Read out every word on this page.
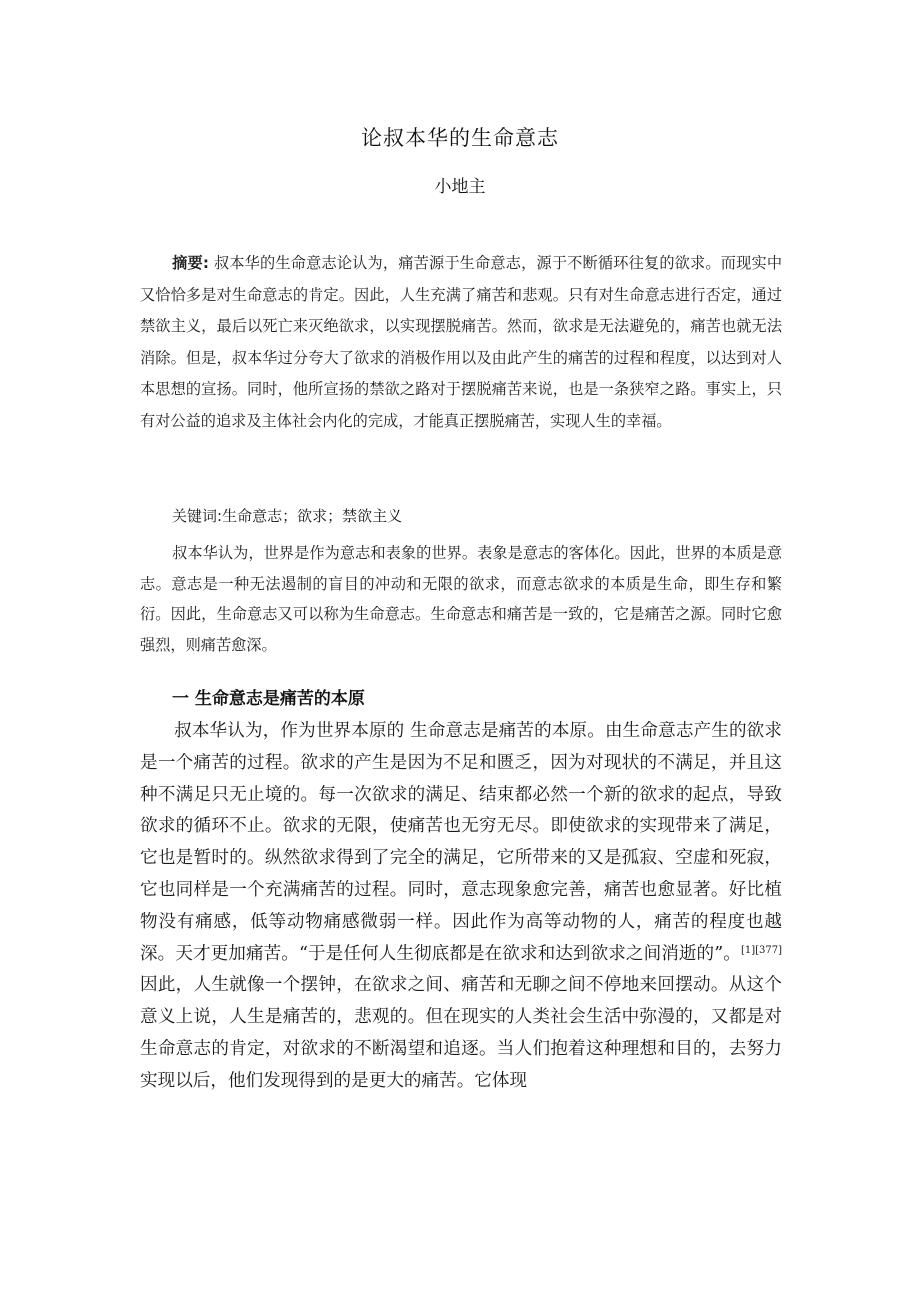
论叔本华的生命意志
小地主
摘要: 叔本华的生命意志论认为，痛苦源于生命意志，源于不断循环往复的欲求。而现实中又恰恰多是对生命意志的肯定。因此，人生充满了痛苦和悲观。只有对生命意志进行否定，通过禁欲主义，最后以死亡来灭绝欲求，以实现摆脱痛苦。然而，欲求是无法避免的，痛苦也就无法消除。但是，叔本华过分夸大了欲求的消极作用以及由此产生的痛苦的过程和程度，以达到对人本思想的宣扬。同时，他所宣扬的禁欲之路对于摆脱痛苦来说，也是一条狭窄之路。事实上，只有对公益的追求及主体社会内化的完成，才能真正摆脱痛苦，实现人生的幸福。
关键词:生命意志；欲求；禁欲主义
叔本华认为，世界是作为意志和表象的世界。表象是意志的客体化。因此，世界的本质是意志。意志是一种无法遏制的盲目的冲动和无限的欲求，而意志欲求的本质是生命，即生存和繁衍。因此，生命意志又可以称为生命意志。生命意志和痛苦是一致的，它是痛苦之源。同时它愈强烈，则痛苦愈深。
一 生命意志是痛苦的本原
叔本华认为，作为世界本原的 生命意志是痛苦的本原。由生命意志产生的欲求是一个痛苦的过程。欲求的产生是因为不足和匮乏，因为对现状的不满足，并且这种不满足只无止境的。每一次欲求的满足、结束都必然一个新的欲求的起点，导致欲求的循环不止。欲求的无限，使痛苦也无穷无尽。即使欲求的实现带来了满足，它也是暂时的。纵然欲求得到了完全的满足，它所带来的又是孤寂、空虚和死寂，它也同样是一个充满痛苦的过程。同时，意志现象愈完善，痛苦也愈显著。好比植物没有痛感，低等动物痛感微弱一样。因此作为高等动物的人，痛苦的程度也越深。天才更加痛苦。“于是任何人生彻底都是在欲求和达到欲求之间消逝的”。[1][377]因此，人生就像一个摆钟，在欲求之间、痛苦和无聊之间不停地来回摆动。从这个意义上说，人生是痛苦的，悲观的。但在现实的人类社会生活中弥漫的，又都是对生命意志的肯定，对欲求的不断渴望和追逐。当人们抱着这种理想和目的，去努力实现以后，他们发现得到的是更大的痛苦。它体现
